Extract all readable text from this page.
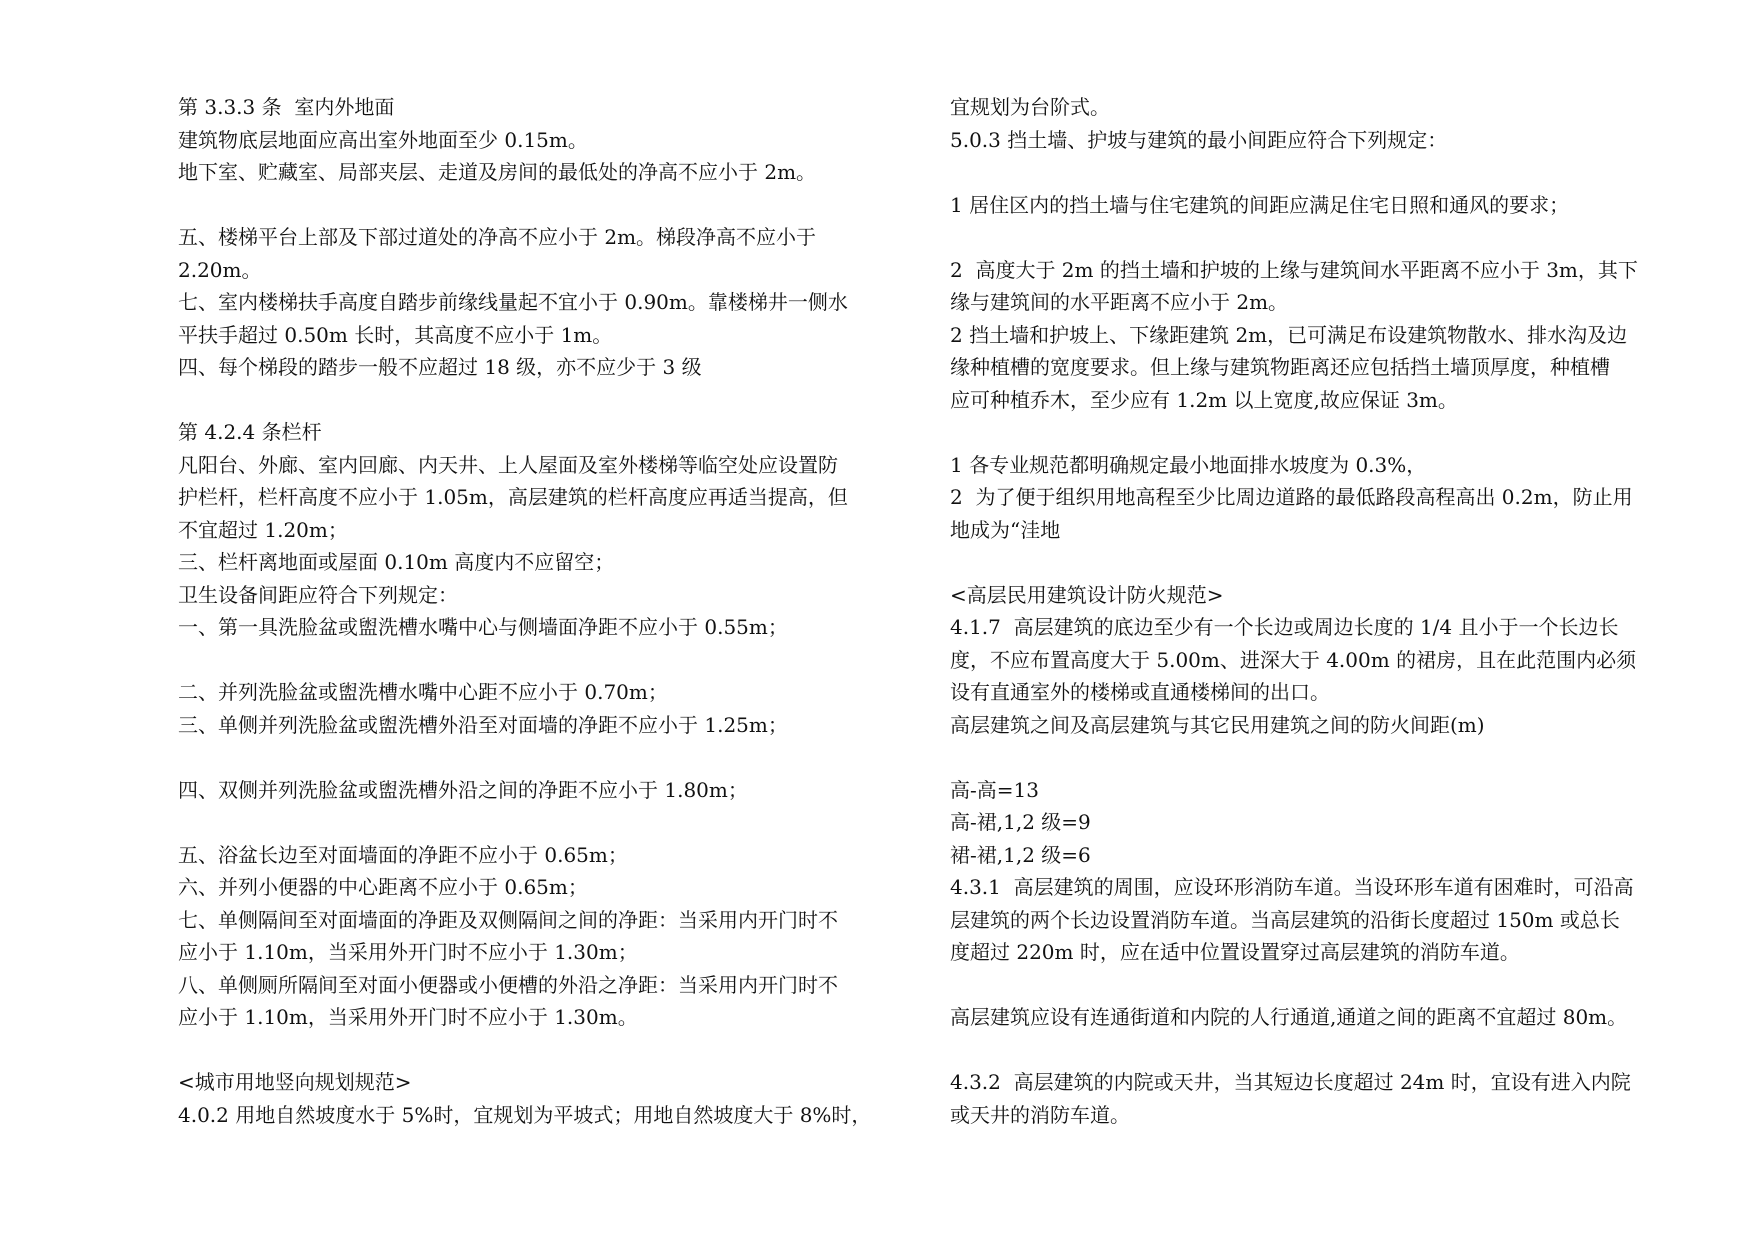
第 3.3.3 条  室内外地面
建筑物底层地面应高出室外地面至少 0.15m。
地下室、贮藏室、局部夹层、走道及房间的最低处的净高不应小于 2m。
五、楼梯平台上部及下部过道处的净高不应小于 2m。梯段净高不应小于
2.20m。
七、室内楼梯扶手高度自踏步前缘线量起不宜小于 0.90m。靠楼梯井一侧水
平扶手超过 0.50m 长时，其高度不应小于 1m。
四、每个梯段的踏步一般不应超过 18 级，亦不应少于 3 级
第 4.2.4 条栏杆
凡阳台、外廊、室内回廊、内天井、上人屋面及室外楼梯等临空处应设置防
护栏杆，栏杆高度不应小于 1.05m，高层建筑的栏杆高度应再适当提高，但
不宜超过 1.20m；
三、栏杆离地面或屋面 0.10m 高度内不应留空；
卫生设备间距应符合下列规定：
一、第一具洗脸盆或盥洗槽水嘴中心与侧墙面净距不应小于 0.55m；
二、并列洗脸盆或盥洗槽水嘴中心距不应小于 0.70m；
三、单侧并列洗脸盆或盥洗槽外沿至对面墙的净距不应小于 1.25m；
四、双侧并列洗脸盆或盥洗槽外沿之间的净距不应小于 1.80m；
五、浴盆长边至对面墙面的净距不应小于 0.65m；
六、并列小便器的中心距离不应小于 0.65m；
七、单侧隔间至对面墙面的净距及双侧隔间之间的净距：当采用内开门时不
应小于 1.10m，当采用外开门时不应小于 1.30m；
八、单侧厕所隔间至对面小便器或小便槽的外沿之净距：当采用内开门时不
应小于 1.10m，当采用外开门时不应小于 1.30m。
<城市用地竖向规划规范>
4.0.2 用地自然坡度水于 5%时，宜规划为平坡式；用地自然坡度大于 8%时，
宜规划为台阶式。
5.0.3 挡土墙、护坡与建筑的最小间距应符合下列规定：
1 居住区内的挡土墙与住宅建筑的间距应满足住宅日照和通风的要求；
2  高度大于 2m 的挡土墙和护坡的上缘与建筑间水平距离不应小于 3m，其下
缘与建筑间的水平距离不应小于 2m。
2 挡土墙和护坡上、下缘距建筑 2m，已可满足布设建筑物散水、排水沟及边
缘种植槽的宽度要求。但上缘与建筑物距离还应包括挡土墙顶厚度，种植槽
应可种植乔木，至少应有 1.2m 以上宽度,故应保证 3m。
1 各专业规范都明确规定最小地面排水坡度为 0.3%，
2  为了便于组织用地高程至少比周边道路的最低路段高程高出 0.2m，防止用
地成为“洼地
<高层民用建筑设计防火规范>
4.1.7  高层建筑的底边至少有一个长边或周边长度的 1/4 且小于一个长边长
度，不应布置高度大于 5.00m、进深大于 4.00m 的裙房，且在此范围内必须
设有直通室外的楼梯或直通楼梯间的出口。
高层建筑之间及高层建筑与其它民用建筑之间的防火间距(m)
高-高=13
高-裙,1,2 级=9
裙-裙,1,2 级=6
4.3.1  高层建筑的周围，应设环形消防车道。当设环形车道有困难时，可沿高
层建筑的两个长边设置消防车道。当高层建筑的沿街长度超过 150m 或总长
度超过 220m 时，应在适中位置设置穿过高层建筑的消防车道。
高层建筑应设有连通街道和内院的人行通道,通道之间的距离不宜超过 80m。
4.3.2  高层建筑的内院或天井，当其短边长度超过 24m 时，宜设有进入内院
或天井的消防车道。
